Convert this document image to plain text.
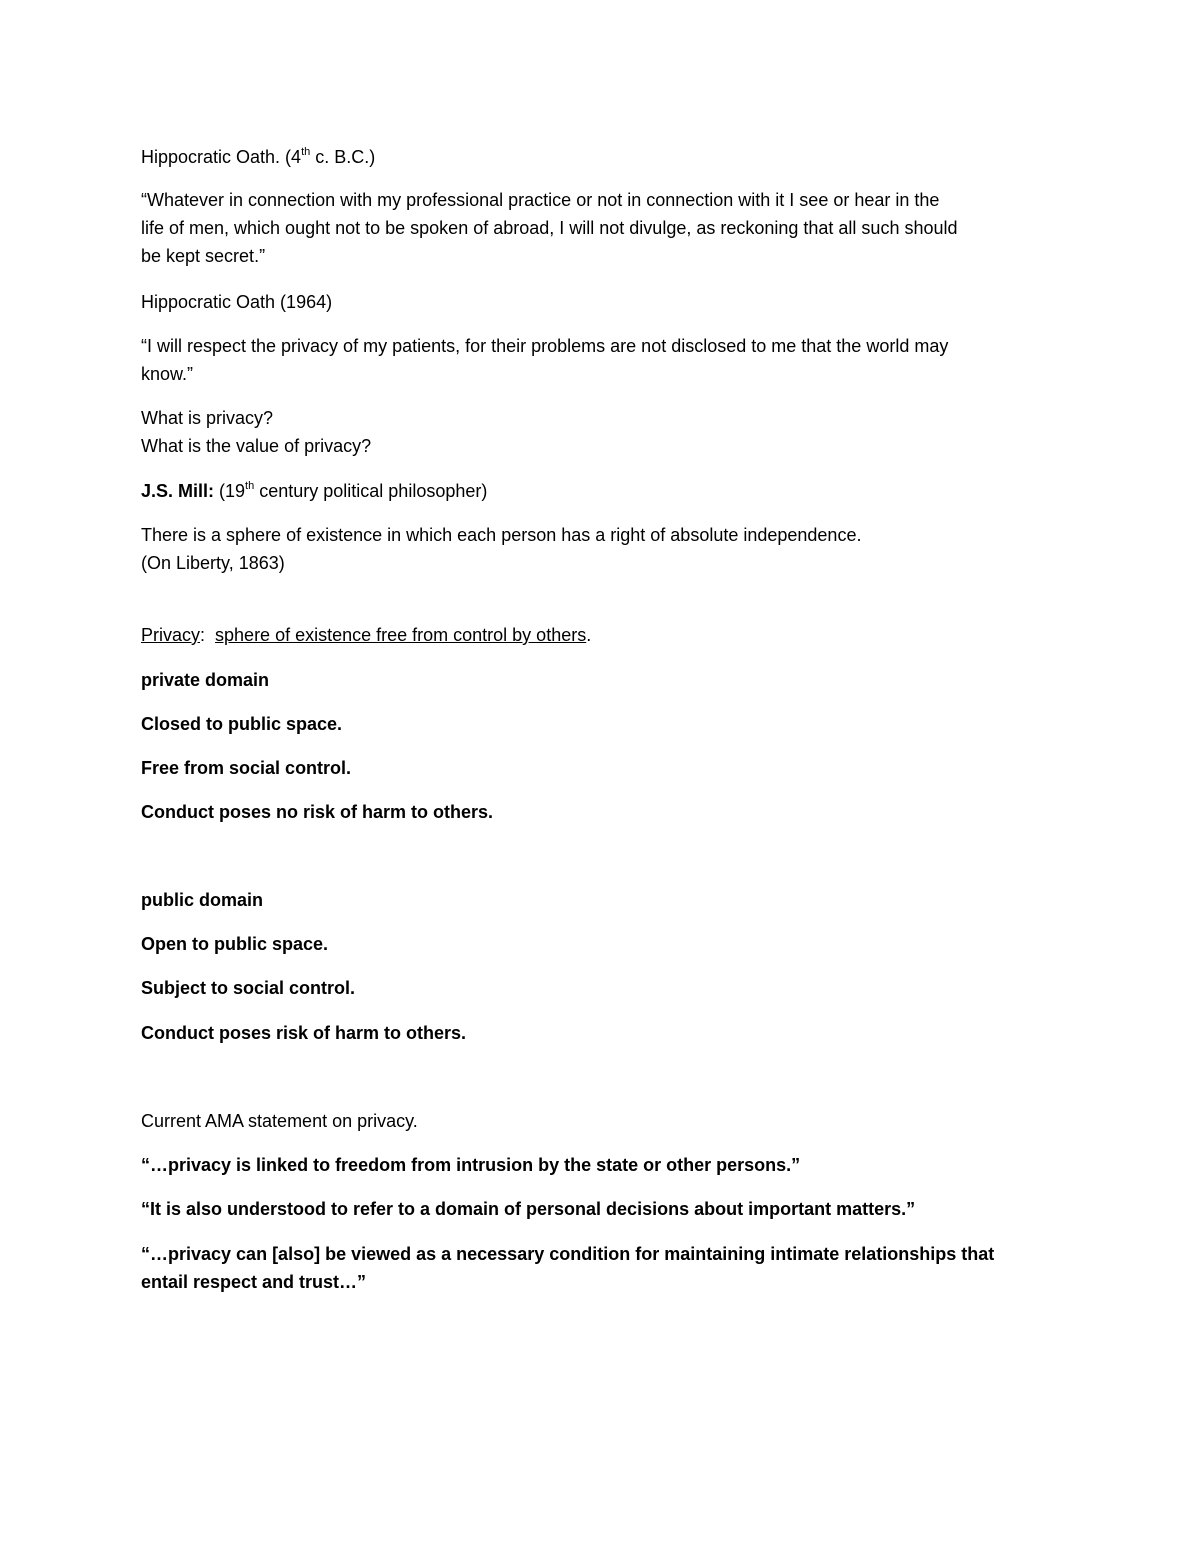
Hippocratic Oath. (4th c. B.C.)
“Whatever in connection with my professional practice or not in connection with it I see or hear in the
life of men, which ought not to be spoken of abroad, I will not divulge, as reckoning that all such should
be kept secret.”
Hippocratic Oath (1964)
“I will respect the privacy of my patients, for their problems are not disclosed to me that the world may
know.”
What is privacy?
What is the value of privacy?
J.S. Mill: (19th century political philosopher)
There is a sphere of existence in which each person has a right of absolute independence.
(On Liberty, 1863)
Privacy:  sphere of existence free from control by others.
private domain
Closed to public space.
Free from social control.
Conduct poses no risk of harm to others.
public domain
Open to public space.
Subject to social control.
Conduct poses risk of harm to others.
Current AMA statement on privacy.
“…privacy is linked to freedom from intrusion by the state or other persons.”
“It is also understood to refer to a domain of personal decisions about important matters.”
“…privacy can [also] be viewed as a necessary condition for maintaining intimate relationships that
entail respect and trust…”
